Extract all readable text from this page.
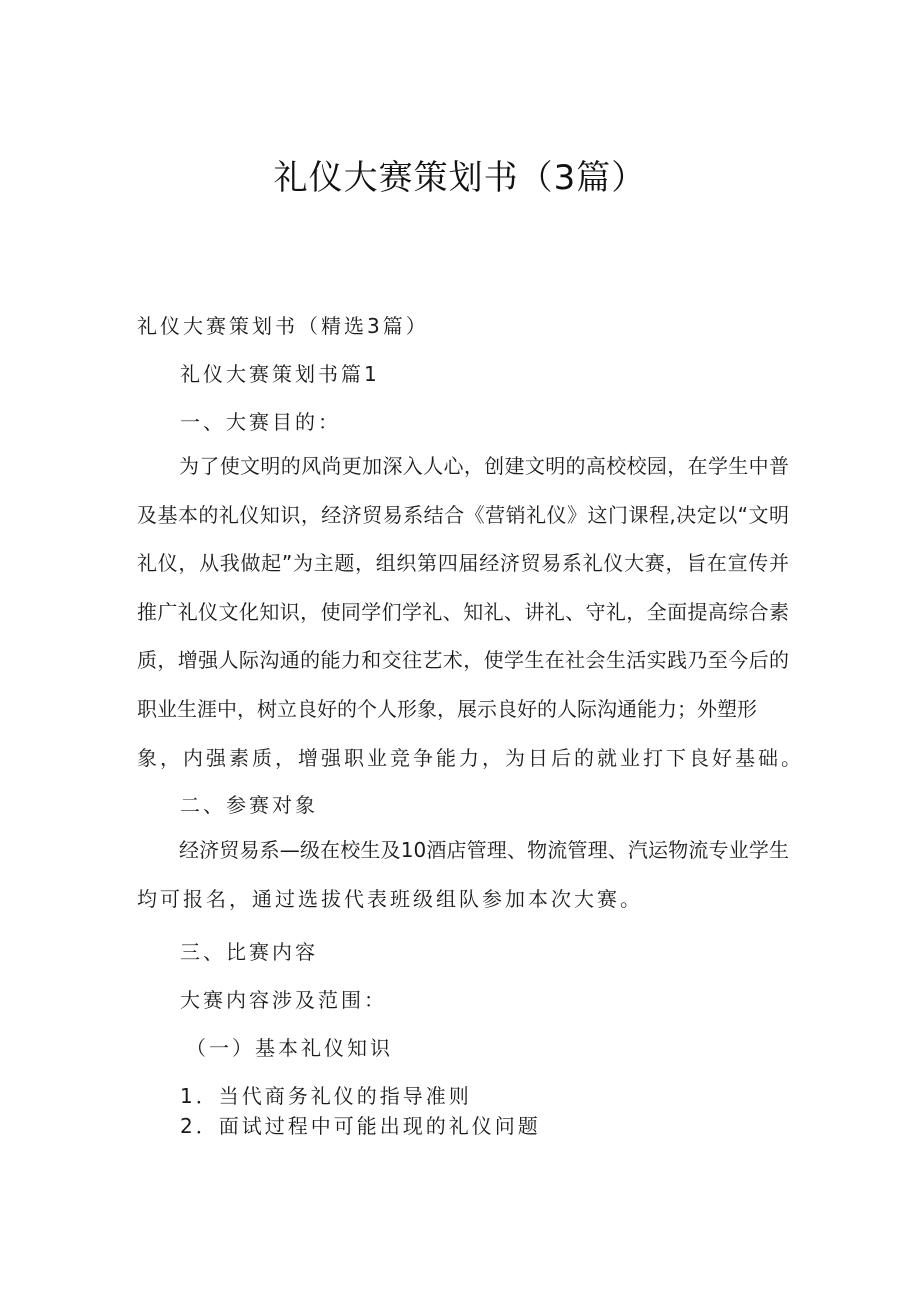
礼仪大赛策划书（3篇）
礼仪大赛策划书（精选3篇）
礼仪大赛策划书篇1
一、大赛目的：
为了使文明的风尚更加深入人心，创建文明的高校校园，在学生中普
及基本的礼仪知识，经济贸易系结合《营销礼仪》这门课程,决定以“文明
礼仪，从我做起”为主题，组织第四届经济贸易系礼仪大赛，旨在宣传并
推广礼仪文化知识，使同学们学礼、知礼、讲礼、守礼，全面提高综合素
质，增强人际沟通的能力和交往艺术，使学生在社会生活实践乃至今后的
职业生涯中，树立良好的个人形象，展示良好的人际沟通能力；外塑形
象，内强素质，增强职业竞争能力，为日后的就业打下良好基础。
二、参赛对象
经济贸易系—级在校生及10酒店管理、物流管理、汽运物流专业学生
均可报名，通过选拔代表班级组队参加本次大赛。
三、比赛内容
大赛内容涉及范围：
（一）基本礼仪知识
1．当代商务礼仪的指导准则
2．面试过程中可能出现的礼仪问题
